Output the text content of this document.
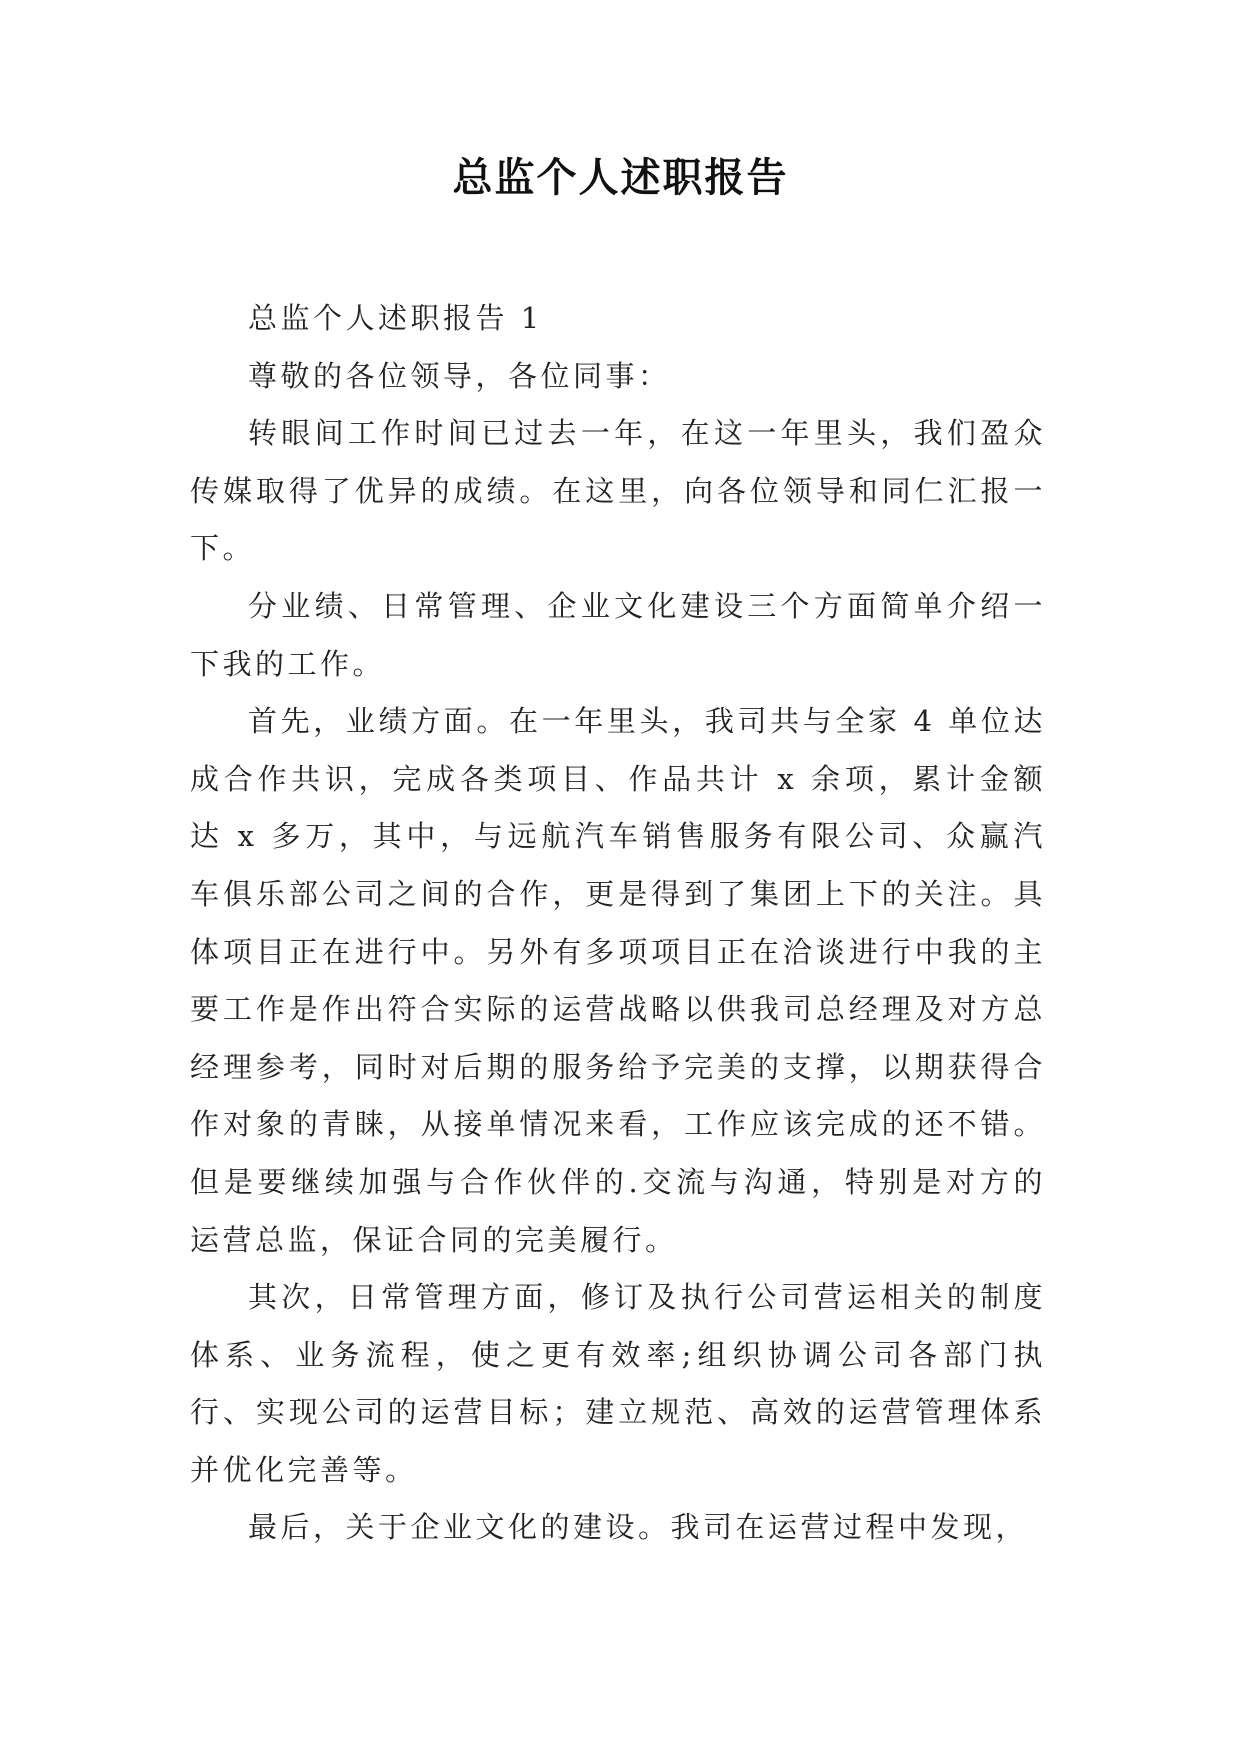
总监个人述职报告

总监个人述职报告 1

尊敬的各位领导，各位同事：

转眼间工作时间已过去一年，在这一年里头，我们盈众传媒取得了优异的成绩。在这里，向各位领导和同仁汇报一下。

分业绩、日常管理、企业文化建设三个方面简单介绍一下我的工作。

首先，业绩方面。在一年里头，我司共与全家 4 单位达成合作共识，完成各类项目、作品共计 x 余项，累计金额达 x 多万，其中，与远航汽车销售服务有限公司、众赢汽车俱乐部公司之间的合作，更是得到了集团上下的关注。具体项目正在进行中。另外有多项项目正在洽谈进行中我的主要工作是作出符合实际的运营战略以供我司总经理及对方总经理参考，同时对后期的服务给予完美的支撑，以期获得合作对象的青睐，从接单情况来看，工作应该完成的还不错。但是要继续加强与合作伙伴的.交流与沟通，特别是对方的运营总监，保证合同的完美履行。

其次，日常管理方面，修订及执行公司营运相关的制度体系、业务流程，使之更有效率;组织协调公司各部门执行、实现公司的运营目标；建立规范、高效的运营管理体系并优化完善等。

最后，关于企业文化的建设。我司在运营过程中发现，
